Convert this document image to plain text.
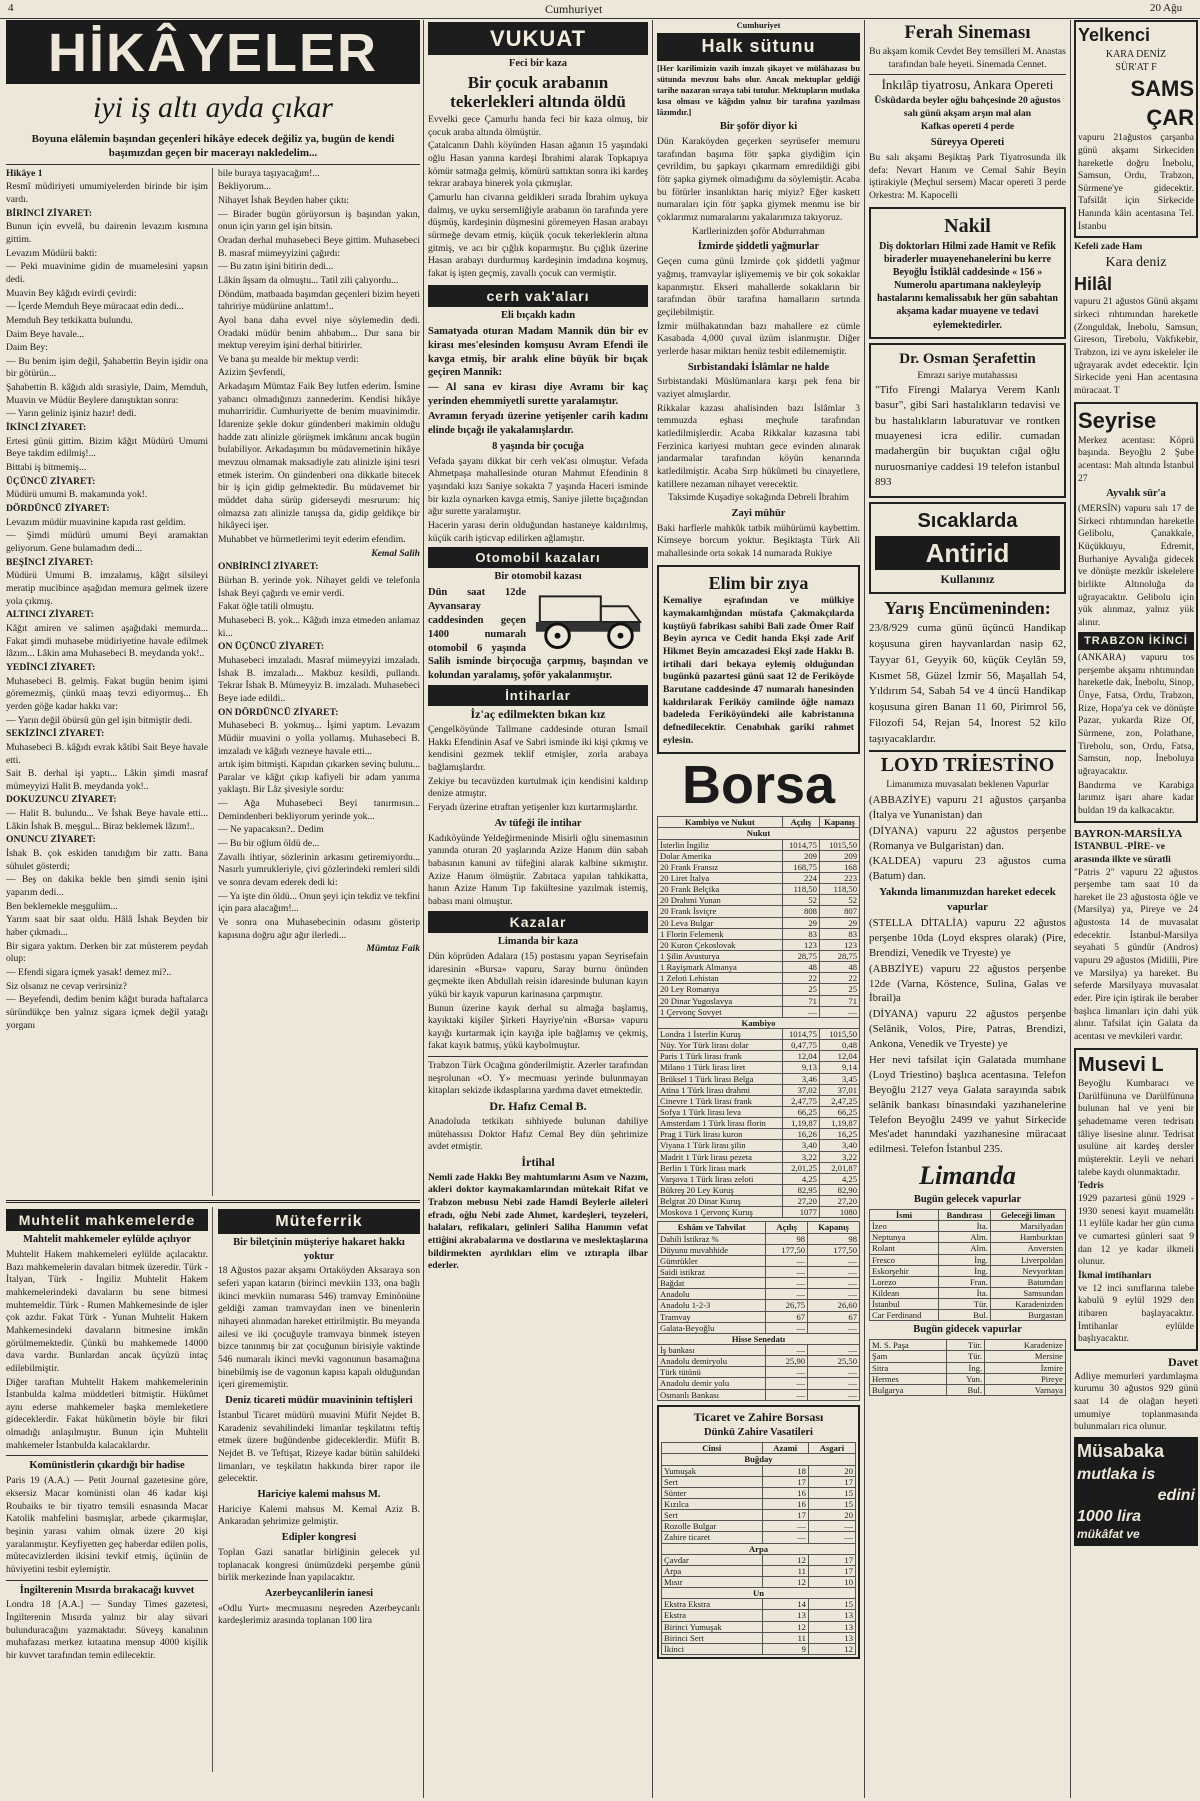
4	Cumhuriyet	20 Ağu
HİKÂYELER
iyi iş altı ayda çıkar

Boyuna elâlemin başından geçenleri hikâye edecek değiliz ya, bugün de kendi başımızdan geçen bir macerayı nakledelim...

Hikâye 1

Resmî müdiriyeti umumiyelerden birinde bir işim vardı.

BİRİNCİ ZİYARET:

Bunun için evvelâ, bu dairenin levazım kısmına gittim.

Levazım Müdürü bakti:

— Peki muavinime gidin de muamelesini yapsın dedi.

Muavin Bey kâğıdı evirdi çevirdi:

— İçerde Memduh Beye müracaat edin dedi...

Memduh Bey tetkikatta bulundu.

Daim Beye havale...

Daim Bey:

— Bu benim işim değil, Şahabettin Beyin işidir ona bir götürün...

Şahabettin B. kâğıdı aldı sırasiyle, Daim, Memduh, Muavin ve Müdür Beylere danıştıktan sonra:

— Yarın geliniz işiniz hazır! dedi.

İKİNCİ ZİYARET:

Ertesi günü gittim. Bizim kâğıt Müdürü Umumi Beye takdim edilmiş!...

Bittabi iş bitmemiş...

ÜÇÜNCÜ ZİYARET:

Müdürü umumi B. makamında yok!.

DÖRDÜNCÜ ZİYARET:

Levazım müdür muavinine kapıda rast geldim.

— Şimdi müdürü umumi Beyi aramaktan geliyorum. Gene bulamadım dedi...

BEŞİNCİ ZİYARET:

Müdürü Umumi B. imzalamış, kâğıt silsileyi meratip mucibince aşağıdan memura gelmek üzere yola çıkmış.

ALTINCI ZİYARET:

Kâğıt amiren ve salimen aşağıdaki memurda... Fakat şimdi muhasebe müdiriyetine havale edilmek lâzım... Lâkin ama Muhasebeci B. meydanda yok!..

YEDİNCİ ZİYARET:

Muhasebeci B. gelmiş. Fakat bugün benim işimi göremezmiş, çünkü maaş tevzi ediyormuş... Eh yerden göğe kadar hakkı var:

— Yarın değil öbürsü gün gel işin bitmiştir dedi.

SEKİZİNCİ ZİYARET:

Muhasebeci B. kâğıdı evrak kâtibi Sait Beye havale etti.

Sait B. derhal işi yaptı... Lâkin şimdi masraf mümeyyizi Halit B. meydanda yok!..

DOKUZUNCU ZİYARET:

— Halit B. bulundu... Ve İshak Beye havale etti... Lâkin İshak B. meşgul... Biraz beklemek lâzım!..

ONUNCU ZİYARET:

İshak B. çok eskiden tanıdığım bir zattı. Bana sühulet gösterdi;

— Beş on dakika bekle ben şimdi senin işini yaparım dedi...

Ben beklemekle meşgulüm...

Yarım saat bir saat oldu. Hâlâ İshak Beyden bir haber çıkmadı...

Bir sigara yaktım. Derken bir zat müsterem peydah olup:

— Efendi sigara içmek yasak! demez mi?..

Siz olsanız ne cevap verirsiniz?

— Beyefendi, dedim benim kâğıt burada haftalarca süründükçe ben yalnız sigara içmek değil yatağı yorganı

bile buraya taşıyacağım!...

Bekliyorum...

Nihayet İshak Beyden haber çıktı:

— Birader bugün görüyorsun iş başından yakın, onun için yarın gel işin bitsin.

Oradan derhal muhasebeci Beye gittim. Muhasebeci B. masraf mümeyyizini çağırdı:

— Bu zatın işini bitirin dedi...

Lâkin âşsam da olmuştu... Tatil zili çalıyordu...

Döndüm, matbaada başımdan geçenleri bizim heyeti tahririye müdürüne anlattım!..

Ayol bana daha evvel niye söylemedin dedi. Oradaki müdür benim ahbabım... Dur sana bir mektup vereyim işini derhal bitirirler.

Ve bana şu mealde bir mektup verdi:

Azizim Şevfendi,

Arkadaşım Mümtaz Faik Bey lutfen ederim. İsmine yabancı olmadığınızı zannederim. Kendisi hikâye muharriridir. Cumhuriyette de benim muavinimdir. İdarenize şekle dokur gündenberi makimin olduğu hadde zatı alinizle görüşmek imkânını ancak bugün bulabiliyor. Arkadaşımın bu müdavemetinin hikâye mevzuu olmamak maksadiyle zatı alinizle işini tesri etmek isterim. On gündenberi ona dikkatle bitecek bir iş için gidip gelmektedir. Bu müdavemet bir müddet daha sürüp giderseydi mesrurum: hiç olmazsa zatı alinizle tanışsa da, gidip geldikçe bir hikâyeci işer.

Muhabbet ve hürmetlerimi teyit ederim efendim.

Kemal Salih

ONBİRİNCİ ZİYARET:

Bürhan B. yerinde yok. Nihayet geldi ve telefonla İshak Beyi çağırdı ve emir verdi.

Fakat öğle tatili olmuştu.

Muhasebeci B. yok... Kâğıdı imza etmeden anlamaz ki...

ON ÜÇÜNCÜ ZİYARET:

Muhasebeci imzaladı. Masraf mümeyyizi imzaladı. İshak B. imzaladı... Makbuz kesildi, pullandı. Tekrar İshak B. Mümeyyiz B. imzaladı. Muhasebeci Beye iade edildi..

ON DÖRDÜNCÜ ZİYARET:

Muhasebeci B. yokmuş... İşimi yaptım. Levazım Müdür muavini o yolla yollamış. Muhasebeci B. imzaladı ve kâğıdı vezneye havale etti...

artık işim bitmişti. Kapıdan çıkarken sevinç bulutu... Paralar ve kâğıt çıkıp kafiyeli bir adam yanıma yaklaştı. Bir Lâz şivesiyle sordu:

— Ağa Muhasebeci Beyi tanırmısın... Demindenberi bekliyorum yerinde yok...

— Ne yapacaksın?.. Dedim

— Bu bir oğlum öldü de...

Zavallı ihtiyar, sözlerinin arkasını getiremiyordu... Nasırlı yumrukleriyle, çivi gözlerindeki remleri sildi ve sonra devam ederek dedi ki:

— Ya işte din öldü... Onun şeyi için tekdiz ve tekfini için para alacağım!...

Ve sonra ona Muhasebecinin odasını gösterip kapısına doğru ağır ağır ilerledi...

Mümtaz Faik

Muhtelit mahkemelerde
Mahtelit mahkemeler eylülde açılıyor

Muhtelit Hakem mahkemeleri eylülde açılacaktır. Bazı mahkemelerin davaları bitmek üzeredir. Türk - İtalyan, Türk - İngiliz Muhtelit Hakem mahkemelerindeki davaların bu sene bitmesi muhtemeldir. Türk - Rumen Mahkemesinde de işler çok azdır. Fakat Türk - Yunan Muhtelit Hakem Mahkemesindeki davaların bitmesine imkân görülmemektedir. Çünkü bu mahkemede 14000 dava vardır. Bunlardan ancak üçyüzü intaç edilebilmiştir.

Diğer taraftan Muhtelit Hakem mahkemelerinin İstanbulda kalma müddetleri bitmiştir. Hükûmet aynı ederse mahkemeler başka memleketlere gideceklerdir. Fakat hükûmetin böyle bir fikri olmadığı anlaşılmıştır. Bunun için Muhtelit mahkemeler İstanbulda kalacaklardır.

Komünistlerin çıkardığı bir hadise

Paris 19 (A.A.) — Petit Journal gazetesine göre, eksersiz Macar komünisti olan 46 kadar kişi Roubaiks te bir tiyatro temsili esnasında Macar Katolik mahfelini basmışlar, arbede çıkarmışlar, beşinin yarası vahim olmak üzere 20 kişi yaralanmıştır. Keyfiyetten geç haberdar edilen polis, mütecavizlerden ikisini tevkif etmiş, üçünün de hüviyetini tesbit eylemiştir.

İngilterenin Mısırda bırakacağı kuvvet

Londra 18 [A.A.] — Sunday Times gazetesi, İngilterenin Mısırda yalnız bir alay süvari bulunduracağını yazmaktadır. Süveyş kanalının muhafazası merkez kıtaatına mensup 4000 kişilik bir kuvvet tarafından temin edilecektir.

Müteferrik
Bir biletçinin müşteriye hakaret hakkı yoktur

18 Ağustos pazar akşamı Ortaköyden Aksaraya son seferi yapan katarın (birinci mevkiin 133, ona bağlı ikinci mevkiin numarası 546) tramvay Eminönüne geldiği zaman tramvaydan inen ve binenlerin nihayeti alınmadan hareket ettirilmiştir. Bu meyanda ailesi ve iki çocuğuyle tramvaya binmek isteyen bizce tanınmış bir zat çocuğunun birisiyle vaktinde 546 numaralı ikinci mevki vagonunun basamağına binebilmiş ise de vagonun kapısı kapalı olduğundan içeri girememiştir.

Deniz ticareti müdür muavininin teftişleri

İstanbul Ticaret müdürü muavini Müfit Nejdet B. Karadeniz sevahilindeki limanlar teşkilatını teftiş etmek üzere buğündenbe gideceklerdir. Müfit B. Nejdet B. ve Teftişat, Rizeye kadar bütün sahildeki limanları, ve teşkilatın hakkında birer rapor ile gelecektir.

Hariciye kalemi mahsus M.

Hariciye Kalemi mahsus M. Kemal Aziz B. Ankaradan şehrimize gelmiştir.

Edipler kongresi

Toplan Gazi sanatlar birliğinin gelecek yıl toplanacak kongresi ünümüzdeki perşembe günü birlik merkezinde İnan yapılacaktır.

Azerbeycanlilerin ianesi

«Odlu Yurt» mecmuasını neşreden Azerbeycanlı kardeşlerimiz arasında toplanan 100 lira

VUKUAT
Feci bir kaza
Bir çocuk arabanın tekerlekleri altında öldü

Evvelki gece Çamurlu handa feci bir kaza olmuş, bir çocuk araba altında ölmüştür.

Çatalcanın Dahlı köyünden Hasan ağanın 15 yaşındaki oğlu Hasan yanına kardeşi İbrahimi alarak Topkapıya kömür satmağa gelmiş, kömürü sattıktan sonra iki kardeş tekrar arabaya binerek yola çıkmışlar.

Çamurlu han civarına geldikleri sırada İbrahim uykuya dalmış, ve uyku sersemliğiyle arabanın ön tarafında yere düşmüş, kardeşinin düşmesini göremeyen Hasan arabayı sürmeğe devam etmiş, küçük çocuk tekerleklerin altına gitmiş, ve acı bir çığlık koparmıştır. Bu çığlık üzerine Hasan arabayı durdurmuş kardeşinin imdadına koşmuş, fakat iş işten geçmiş, zavallı çocuk can vermiştir.

cerh vak'aları
Eli bıçaklı kadın

Samatyada oturan Madam Mannik dün bir ev kirası mes'elesinden komşusu Avram Efendi ile kavga etmiş, bir aralık eline büyük bir bıçak geçiren Mannik:

— Al sana ev kirası diye Avramı bir kaç yerinden ehemmiyetli surette yaralamıştır.

Avramın feryadı üzerine yetişenler carih kadını elinde bıçağı ile yakalamışlardır.

8 yaşında bir çocuğa

Vefada şayanı dikkat bir cerh vek'ası olmuştur. Vefada Ahmetpaşa mahallesinde oturan Mahmut Efendinin 8 yaşındaki kızı Saniye sokakta 7 yaşında Haceri isminde bir kızla oynarken kavga etmiş, Saniye jilette bıçağından ağır surette yaralamıştır.

Hacerin yarası derin olduğundan hastaneye kaldırılmış, küçük carih işticvap edilirken ağlamıştır.

Otomobil kazaları
Bir otomobil kazası

Dün saat 12de Ayvansaray caddesinden geçen 1400 numaralı otomobil 6 yaşında Salih isminde birçocuğa çarpmış, başından ve kolundan yaralamış, şoför yakalanmıştır.

İntiharlar
İz'aç edilmekten bıkan kız

Çengelköyünde Tallmane caddesinde oturan İsmail Hakkı Efendinin Asaf ve Sabri isminde iki kişi çıkmış ve kendisini gezmek teklif etmişler, zorla arabaya bağlamışlardır.

Zekiye bu tecavüzden kurtulmak için kendisini kaldırıp denize atmıştır.

Feryadı üzerine etraftan yetişenler kızı kurtarmışlardır.

Av tüfeği ile intihar

Kadıköyünde Yeldeğirmeninde Misirli oğlu sinemasının yanında oturan 20 yaşlarında Azize Hanım dün sabah babasının kanuni av tüfeğini alarak kalbine sıkmıştır. Azize Hanım ölmüştür. Zabıtaca yapılan tahkikatta, hanın Azize Hanım Tıp fakültesine yazılmak istemiş, babası mani olmuştur.

Kazalar
Limanda bir kaza

Dün köprüden Adalara (15) postasını yapan Seyrisefain idaresinin «Bursa» vapuru, Saray burnu önünden geçmekte iken Abdullah reisin idaresinde bulunan kayın yükü bir kayık vapurun karinasına çarpmıştır.

Bunun üzerine kayık derhal su almağa başlamış, kayıktaki kişiler Şirketi Hayriye'nin «Bursa» vapuru kayığı kurtarmak için kayığa iple bağlamış ve çekmiş, fakat kayık batmış, yükü kaybolmuştur.

Trabzon Türk Ocağına gönderilmiştir. Azerler tarafından neşrolunan «O. Y» mecmuası yerinde bulunmayan kitapları sekizde ikdasplarına yardıma davet etmektedir.

Dr. Hafız Cemal B.

Anadoluda tetkikatı sıhhiyede bulunan dahiliye mütehassısı Doktor Hafız Cemal Bey dün şehrimize avdet etmiştir.

İrtihal

Nemli zade Hakkı Bey mahtumlarını Asım ve Nazım, akleri doktor kaymakamlarından mütekait Rifat ve Trabzon mebusu Nebi zade Hamdi Beylerle aileleri efradı, oğlu Nebi zade Ahmet, kardeşleri, teyzeleri, halaları, refikaları, gelinleri Saliha Hanımın vefat ettiğini akrabalarına ve dostlarına ve meslektaşlarına bildirmekten ayrılıkları elim ve ıztırapla ilbar ederler.

Cumhuriyet
Halk sütunu

[Her karilimizin vazih imzalı şikayet ve mülâhazası bu sütunda mevzuu bahs olur. Ancak mektuplar geldiği tarihe nazaran sıraya tabi tutulur. Mektupların mutlaka kısa olması ve kâğıdın yalnız bir tarafına yazılması lâzımdır.]

Bir şoför diyor ki

Dün Karaköyden geçerken seyrüsefer memuru tarafından başıma fötr şapka giydiğim için çevrildim, bu şapkayı çıkarmam emredildiği gibi fötr şapka giymek olmadığımı da söylemiştir. Acaba bu fötürler insanlıktan hariç miyiz? Eğer kaskett numaraları için fötr şapka giymek menmu ise bir çoklarımız numaralarını yakalarımıza takıyoruz.

Karllerinizden şoför Abdurrahman

İzmirde şiddetli yağmurlar

Geçen cuma günü İzmirde çok şiddetli yağmur yağmış, tramvaylar işliyememiş ve bir çok sokaklar kapanmıştır. Ekseri mahallerde sokakların bir tarafından öbür tarafına hamalların sırtında geçilebilmiştir.

İzmir mülhakatından bazı mahallere ez cümle Kasabada 4,000 çuval üzüm islanmıştır. Diğer yerlerde hasar miktarı henüz tesbit edilememiştir.

Sırbistandaki İslâmlar ne halde

Sırbistandaki Müslümanlara karşı pek fena bir vaziyet almışlardır.

Rikkalar kazası ahalisinden bazı İslâmlar 3 temmuzda eşhası meçhule tarafından katledilmişlerdir. Acaba Rikkalar kazasına tabi Ferzinica kariyesi muhtarı gece evinden alınarak jandarmalar tarafından köyün kenarında katledilmiştir. Acaba Sırp hükûmeti bu cinayetlere, katillere nezaman nihayet verecektir.

Taksimde Kuşadiye sokağında Debreli İbrahim

Zayi mühür

Baki harflerle mahkûk tatbik mühürümü kaybettim. Kimseye borcum yoktur. Beşiktaşta Türk Ali mahallesinde orta sokak 14 numarada Rukiye

Elim bir zıya

Kemaliye eşrafından ve mülkiye kaymakamlığından müstafa Çakmakçılarda kuştüyü fabrikası sahibi Bali zade Ömer Raif Beyin ayrıca ve Cedit handa Ekşi zade Arif Hikmet Beyin amcazadesi Ekşi zade Hakkı B. irtihali dari bekaya eylemiş olduğundan bugünkü pazartesi günü saat 12 de Feriköyde Barutane caddesinde 47 numaralı hanesinden kaldırılarak Feriköy camiinde öğle namazı badeleda Feriköyündeki aile kabristanına defnedilecektir. Cenabıhak garîki rahmet eylesin.

Borsa
Kambiyo ve Nukut	Açılış	Kapanış
Nukut		
İsterlin İngiliz	1014,75	1015,50
Dolar Amerika	209	209
20 Frank Fransız	168,75	168
20 Liret İtalya	224	223
20 Frank Belçika	118,50	118,50
20 Drahmi Yunan	52	52
20 Frank İsviçre	808	807
20 Leva Bulgar	29	29
1 Florin Felemenk	83	83
20 Kuron Çekoslovak	123	123
1 Şilin Avusturya	28,75	28,75
1 Rayişmark Almanya	48	48
1 Zeloti Lehistan	22	22
20 Ley Romanya	25	25
20 Dinar Yugoslavya	71	71
1 Çervonç Sovyet	—	—
Kambiyo		
Londra 1 İsterlin Kuruş	1014,75	1015,50
Nüy. Yor Türk lirası dolar	0,47,75	0,48
Paris 1 Türk lirası frank	12,04	12,04
Milano 1 Türk lirası liret	9,13	9,14
Brüksel 1 Türk lirası Belga	3,46	3,45
Atina 1 Türk lirası drahmi	37,02	37,01
Cinevre 1 Türk lirası frank	2,47,75	2,47,25
Sofya 1 Türk lirası leva	66,25	66,25
Amsterdam 1 Türk lirası florin	1,19,87	1,19,87
Prag 1 Türk lirası kuron	16,26	16,25
Viyana 1 Türk lirası şilin	3,40	3,40
Madrit 1 Türk lirası pezeta	3,22	3,22
Berlin 1 Türk lirası mark	2,01,25	2,01,87
Varşova 1 Türk lirası zeloti	4,25	4,25
Bükreş 20 Ley Kuruş	82,95	82,90
Belgrat 20 Dinar Kuruş	27,20	27,20
Moskova 1 Çervonç Kuruş	1077	1080
Eshâm ve Tahvilat	Açılış	Kapanış
Dahili İstikraz %	98	98
Düyunu muvahhide	177,50	177,50
Gümrükler	—	—
Saidi istikraz	—	—
Bağdat	—	—
Anadolu	—	—
Anadolu 1-2-3	26,75	26,60
Tramvay	67	67
Galata-Beyoğlu	—	—
Hisse Senedatı		
İş bankası	—	—
Anadolu demiryolu	25,90	25,50
Türk tütünü	—	—
Anadolu demir yolu	—	—
Osmanlı Bankası	—	—
Ticaret ve Zahire Borsası
Dünkü Zahire Vasatileri
Cinsi	Azami	Asgari
Buğday		
Yumuşak	18	20
Sert	17	17
Sünter	16	15
Kızılca	16	15
Sert	17	20
Rozolle Bulgar	—	—
Zahire ticaret	—	—
Arpa		
Çavdar	12	17
Arpa	11	17
Mısır	12	10
Un		
Ekstra Ekstra	14	15
Ekstra	13	13
Birinci Yumuşak	12	13
Birinci Sert	11	13
İkinci	9	12
Ferah Sineması

Bu akşam komik Cevdet Bey temsilleri M. Anastas tarafından bale heyeti. Sinemada Cennet.

İnkılâp tiyatrosu, Ankara Opereti

Üsküdarda beyler oğlu bahçesinde 20 ağustos salı günü akşam arşın mal alan

Kafkas opereti 4 perde

Süreyya Opereti

Bu salı akşamı Beşiktaş Park Tiyatrosunda ilk defa: Nevart Hanım ve Cemal Sahir Beyin iştirakiyle (Meçhul sersem) Macar opereti 3 perde Orkestra: M. Kapocelli

Nakil

Diş doktorları Hilmi zade Hamit ve Refik biraderler muayenehanelerini bu kerre Beyoğlu İstiklâl caddesinde « 156 » Numerolu apartımana nakleyleyip hastalarını kemalissabık her gün sabahtan akşama kadar muayene ve tedavi eylemektedirler.

Dr. Osman Şerafettin
Emrazı sariye mutahassısı

"Tifo Firengi Malarya Verem Kanlı basur", gibi Sari hastalıkların tedavisi ve bu hastalıkların laburatuvar ve rontken muayenesi icra edilir. cumadan madahergün bir buçuktan cığal oğlu nuruosmaniye caddesi 19 telefon istanbul 893

Sıcaklarda
Antirid
Kullanınız
Yarış Encümeninden:

23/8/929 cuma günü üçüncü Handikap koşusuna giren hayvanlardan nasip 62, Tayyar 61, Geyyik 60, küçük Ceylân 59, Kısmet 58, Güzel İzmir 56, Maşallah 54, Yıldırım 54, Sabah 54 ve 4 üncü Handikap koşusuna giren Banan 11 60, Pirimrol 56, Filozofi 54, Rejan 54, İnorest 52 kilo taşıyacaklardır.

LOYD TRİESTİNO

Limanımıza muvasalatı beklenen Vapurlar

(ABBAZİYE) vapuru 21 ağustos çarşanba (İtalya ve Yunanistan) dan

(DİYANA) vapuru 22 ağustos perşenbe (Romanya ve Bulgaristan) dan.

(KALDEA) vapuru 23 ağustos cuma (Batum) dan.

Yakında limanımızdan hareket edecek vapurlar

(STELLA DİTALİA) vapuru 22 ağustos perşenbe 10da (Loyd ekspres olarak) (Pire, Brendizi, Venedik ve Tryeste) ye

(ABBZİYE) vapuru 22 ağustos perşenbe 12de (Varna, Köstence, Sulina, Galas ve İbrail)a

(DİYANA) vapuru 22 ağustos perşenbe (Selânik, Volos, Pire, Patras, Brendizi, Ankona, Venedik ve Tryeste) ye

Her nevi tafsilat için Galatada mumhane (Loyd Triestino) başlıca acentasına. Telefon Beyoğlu 2127 veya Galata sarayında sabık selânik bankası binasındaki yazıhanelerine Telefon Beyoğlu 2499 ve yahut Sirkecide Mes'adet hanındaki yazıhanesine müracaat edilmesi. Telefon İstanbul 235.

Limanda
Bugün gelecek vapurlar
İsmi	Bandırası	Geleceği liman
İzeo	İta.	Marsilyadan
Neptunya	Alm.	Hamburktan
Rolant	Alm.	Anversten
Fresco	İng.	Liverpoldan
Eskorşehir	İng.	Nevyorktan
Lorezo	Fran.	Batumdan
Kildean	İta.	Samsundan
İstanbul	Tür.	Karadenizden
Car Ferdinand	Bul.	Burgastan
Bugün gidecek vapurlar
M. S. Paşa	Tür.	Karadenize
Şam	Tür.	Mersine
Sitra	İng.	İzmire
Hermes	Yun.	Pireye
Bulgarya	Bul.	Varnaya
Yelkenci
KARA DENİZ
SÜR'AT F
SAMS
ÇAR

vapuru 21ağustos çarşanba günü akşamı Sirkeciden hareketle doğru İnebolu, Samsun, Ordu, Trabzon, Sürmene'ye gidecektir. Tafsilât için Sirkecide Hanında kâin acentasına Tel. İstanbu

Kefeli zade Ham
Kara deniz
Hilâl

vapuru 21 ağustos Günü akşamı sirkeci rıhtımından hareketle (Zonguldak, İnebolu, Samsun, Gireson, Tirebolu, Vakfıkebir, Trabzon, izi ve aynı iskeleler ile uğrayarak avdet edecektir. İçin Sirkecide yeni Han acentasına müracaat. T

Seyrise

Merkez acentası: Köprü başında. Beyoğlu 2 Şube acentası: Mah altında İstanbul 27

Ayvalık sür'a

(MERSİN) vapuru salı 17 de Sirkeci rıhtımından hareketle Gelibolu, Çanakkale, Küçükkuyu, Edremit, Burhaniye Ayvalığa gidecek ve dönüşte mezkûr iskelelere birlikte Altınoluğa da uğrayacaktır. Gelibolu için yük alınmaz, yalnız yük alınır.

TRABZON İKİNCİ

(ANKARA) vapuru tos perşembe akşamı rıhtımından hareketle dak, İnebolu, Sinop, Ünye, Fatsa, Ordu, Trabzon, Rize, Hopa'ya cek ve dönüşte Pazar, yukarda Rize Of, Sürmene, zon, Polathane, Tirebolu, son, Ordu, Fatsa, Samsun, nop, İneboluya uğrayacaktır.

Bandırma ve Karabiga larımız işarı ahare kadar buldan 19 da kalkacaktır.

BAYRON-MARSİLYA
İSTANBUL -PİRE- ve
arasında ilkte ve süratli

"Patris 2" vapuru 22 ağustos perşembe tam saat 10 da hareket ile 23 ağustosta öğle ve (Marsilya) ya, Pireye ve 24 ağustosta 14 de muvasalat edecektir. İstanbul-Marsilya seyahati 5 gündür (Andros) vapuru 29 ağustos (Midilli, Pire ve Marsilya) ya hareket. Bu seferde Marsilyaya muvasalat eder. Pire için iştirak ile beraber başlıca limanları için dahi yük alınır. Tafsilat için Galata da acentası ve mevkileri vardır.

Musevi L

Beyoğlu Kumbaracı ve Darülfünuna ve Darülfünuna bulunan hal ve yeni bir şehadetname veren tedrisatı tâliye lisesine alınır. Tedrisat usulüne ait kardeş dersler müşterektir. Leyli ve nehari talebe kaydı olunmaktadır.

Tedris

1929 pazartesi günü 1929 - 1930 senesi kayıt muamelâtı 11 eylüle kadar her gün cuma ve cumartesi günleri saat 9 dan 12 ye kadar ilkmeli olunur.

İkmal imtihanları

ve 12 inci sınıflarına talebe kabulü 9 eylül 1929 den itibaren başlayacaktır. İmtihanlar eylülde başlıyacaktır.

Davet

Adliye memurleri yardımlaşma kurumu 30 ağustos 929 günü saat 14 de olağan heyeti umumiye toplanmasında bulunmaları rica olunur.

Müsabaka
mutlaka is
edini
1000 lira
mükâfat ve
